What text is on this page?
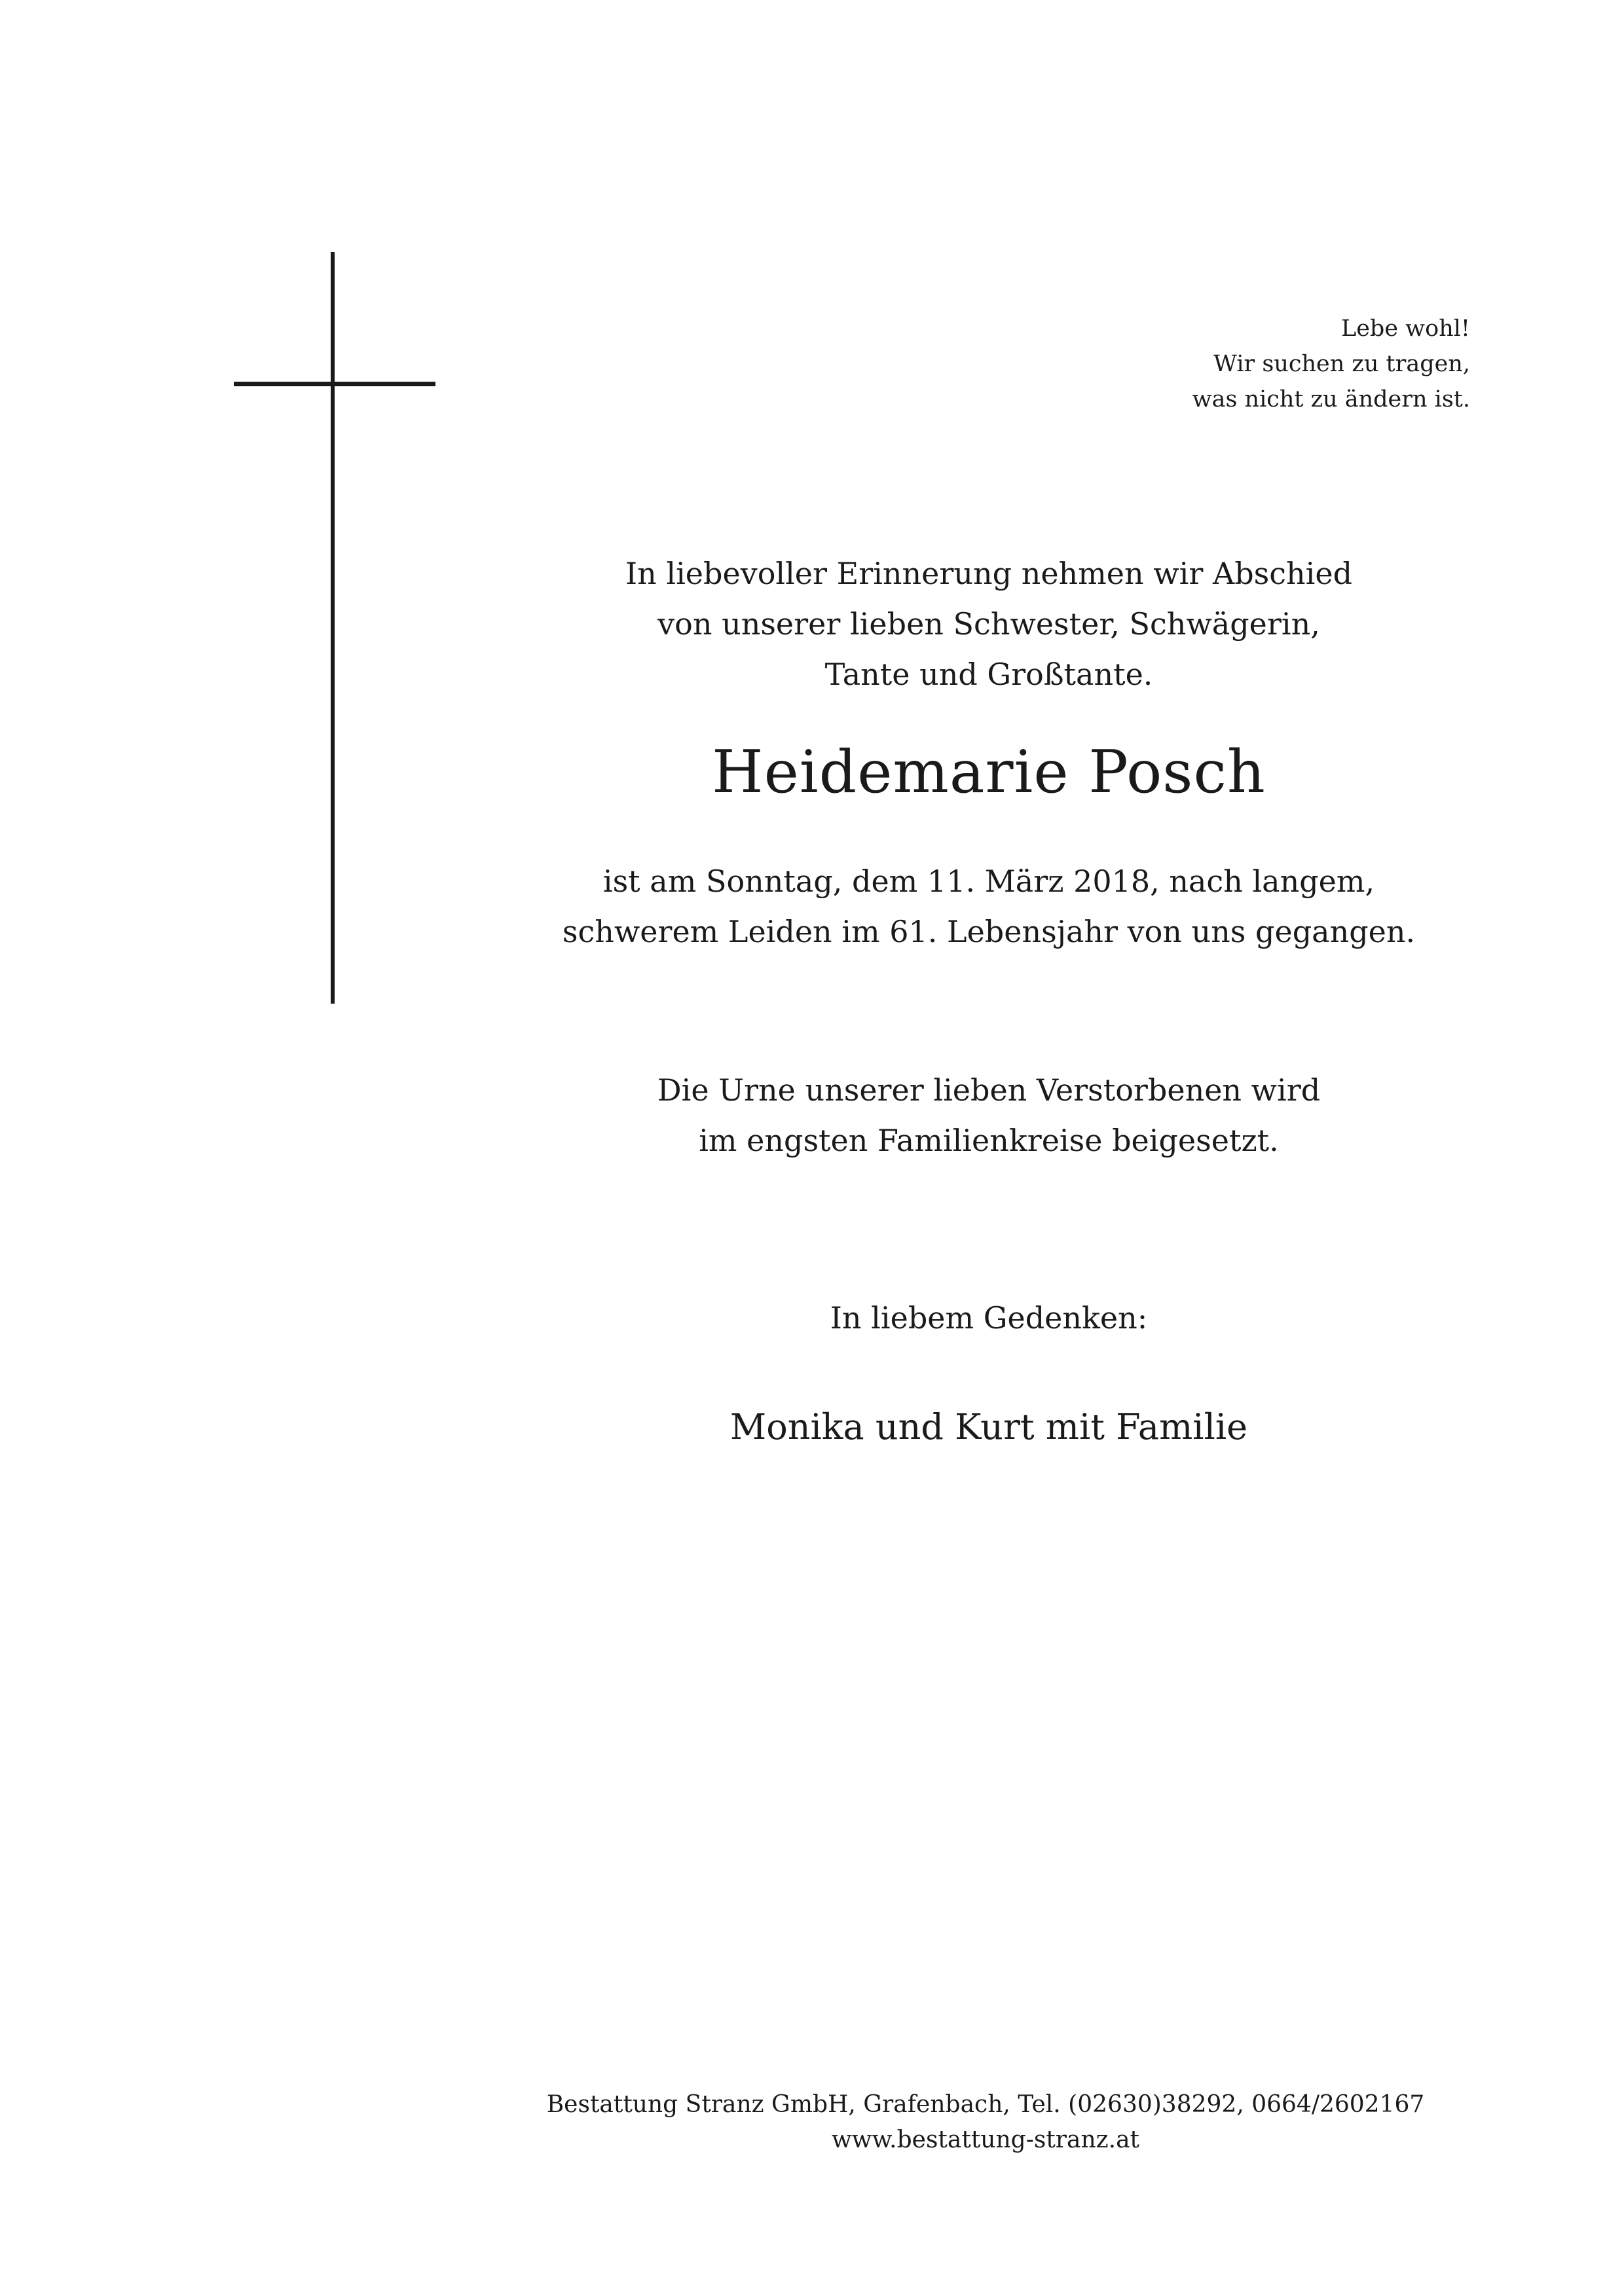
Lebe wohl!
Wir suchen zu tragen,
was nicht zu ändern ist.
In liebevoller Erinnerung nehmen wir Abschied
von unserer lieben Schwester, Schwägerin,
Tante und Großtante.
Heidemarie Posch
ist am Sonntag, dem 11. März 2018, nach langem,
schwerem Leiden im 61. Lebensjahr von uns gegangen.
Die Urne unserer lieben Verstorbenen wird
im engsten Familienkreise beigesetzt.
In liebem Gedenken:
Monika und Kurt mit Familie
Bestattung Stranz GmbH, Grafenbach, Tel. (02630)38292, 0664/2602167
www.bestattung-stranz.at
